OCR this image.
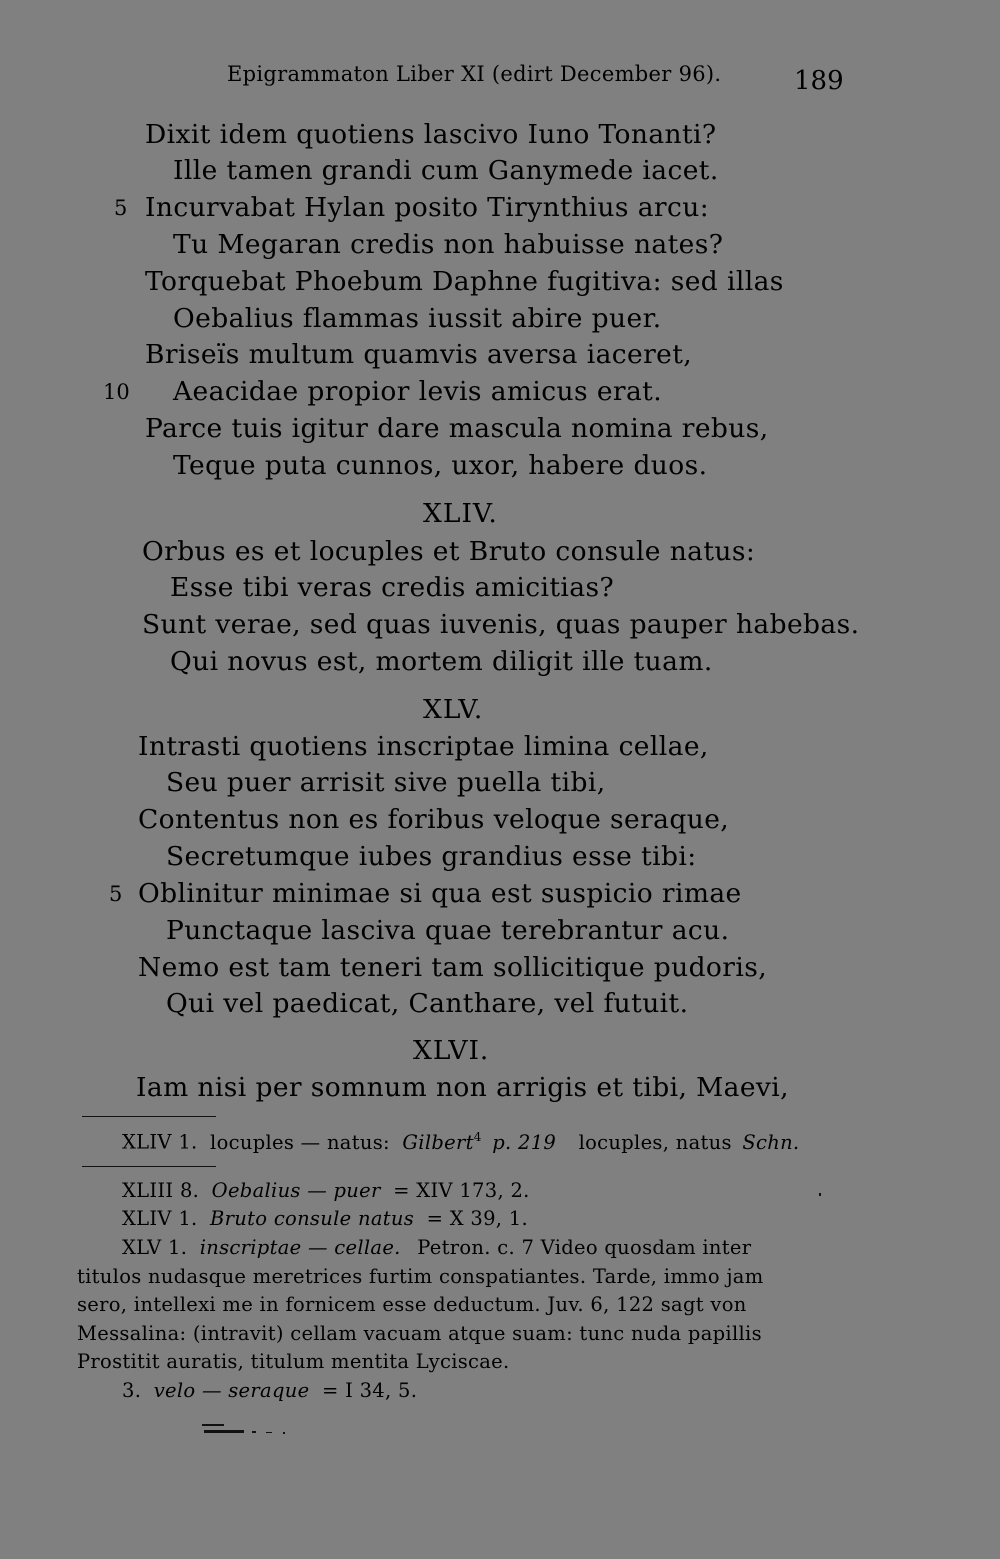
Epigrammaton Liber XI (edirt December 96).	189
Dixit idem quotiens lascivo Iuno Tonanti?
Ille tamen grandi cum Ganymede iacet.
5 Incurvabat Hylan posito Tirynthius arcu:
Tu Megaran credis non habuisse nates?
Torquebat Phoebum Daphne fugitiva: sed illas
Oebalius flammas iussit abire puer.
Briseïs multum quamvis aversa iaceret,
10 Aeacidae propior levis amicus erat.
Parce tuis igitur dare mascula nomina rebus,
Teque puta cunnos, uxor, habere duos.
XLIV.
Orbus es et locuples et Bruto consule natus:
Esse tibi veras credis amicitias?
Sunt verae, sed quas iuvenis, quas pauper habebas.
Qui novus est, mortem diligit ille tuam.
XLV.
Intrasti quotiens inscriptae limina cellae,
Seu puer arrisit sive puella tibi,
Contentus non es foribus veloque seraque,
Secretumque iubes grandius esse tibi:
5 Oblinitur minimae si qua est suspicio rimae
Punctaque lasciva quae terebrantur acu.
Nemo est tam teneri tam sollicitique pudoris,
Qui vel paedicat, Canthare, vel futuit.
XLVI.
Iam nisi per somnum non arrigis et tibi, Maevi,
XLIV 1. locuples — natus: Gilbert$^4$ p. 219 locuples, natus Schn.
XLIII 8. Oebalius — puer = XIV 173, 2.
XLIV 1. Bruto consule natus = X 39, 1.
XLV 1. inscriptae — cellae. Petron. c. 7 Video quosdam inter
titulos nudasque meretrices furtim conspatiantes. Tarde, immo jam
sero, intellexi me in fornicem esse deductum. Juv. 6, 122 sagt von
Messalina: (intravit) cellam vacuam atque suam: tunc nuda papillis
Prostitit auratis, titulum mentita Lyciscae.
3. velo — seraque = I 34, 5.
